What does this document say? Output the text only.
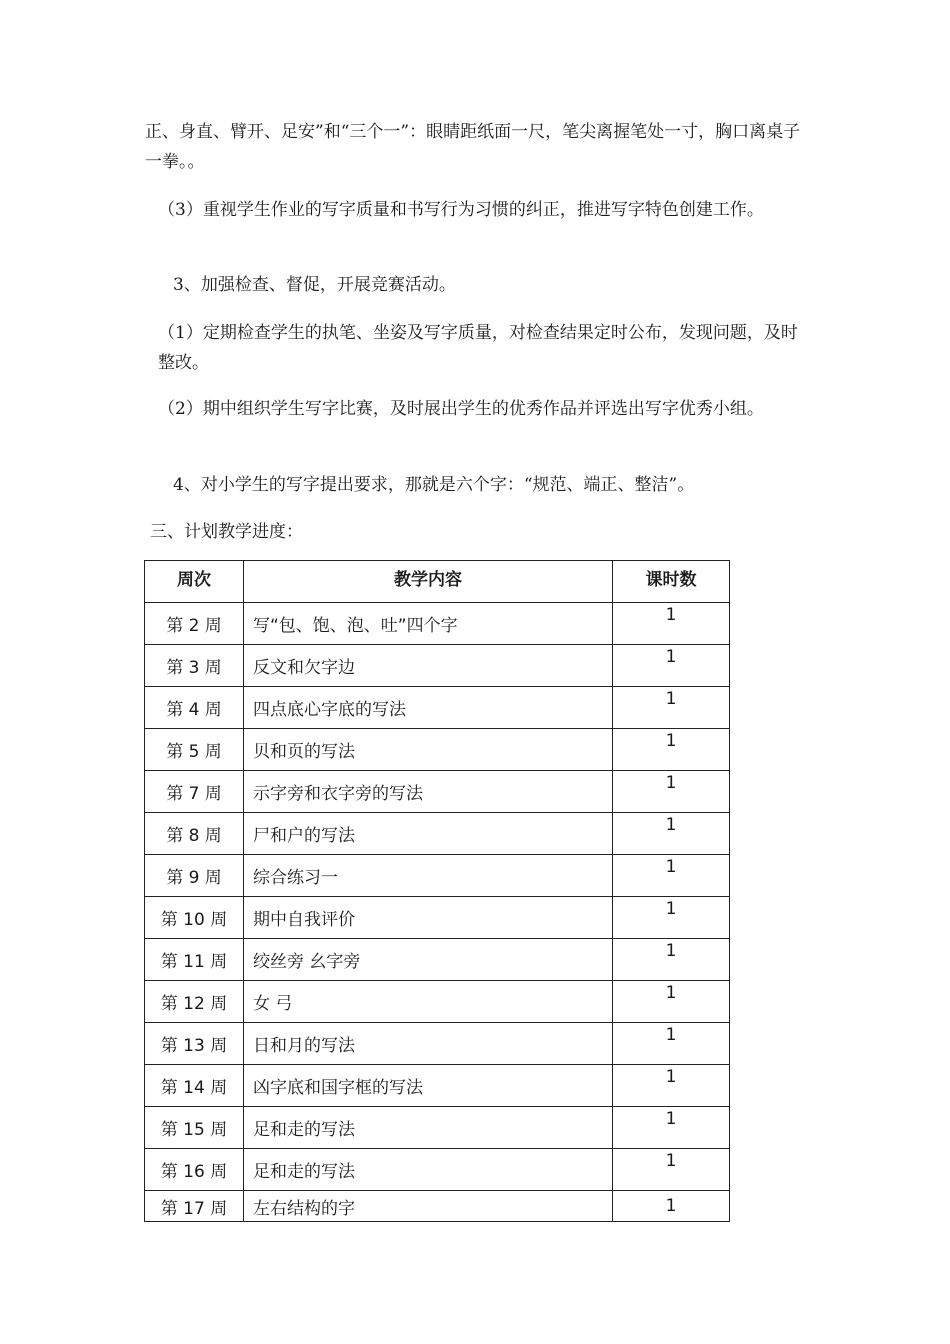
正、身直、臂开、足安”和“三个一”：眼睛距纸面一尺，笔尖离握笔处一寸，胸口离桌子一拳。。

（3）重视学生作业的写字质量和书写行为习惯的纠正，推进写字特色创建工作。

3、加强检查、督促，开展竞赛活动。

（1）定期检查学生的执笔、坐姿及写字质量，对检查结果定时公布，发现问题，及时整改。

（2）期中组织学生写字比赛，及时展出学生的优秀作品并评选出写字优秀小组。

4、对小学生的写字提出要求，那就是六个字：“规范、端正、整洁”。

三、计划教学进度：

周次	教学内容	课时数
第 2 周	写“包、饱、泡、吐”四个字	1
第 3 周	反文和欠字边	1
第 4 周	四点底心字底的写法	1
第 5 周	贝和页的写法	1
第 7 周	示字旁和衣字旁的写法	1
第 8 周	尸和户的写法	1
第 9 周	综合练习一	1
第 10 周	期中自我评价	1
第 11 周	绞丝旁 幺字旁	1
第 12 周	女 弓	1
第 13 周	日和月的写法	1
第 14 周	凶字底和国字框的写法	1
第 15 周	足和走的写法	1
第 16 周	足和走的写法	1
第 17 周	左右结构的字	1
